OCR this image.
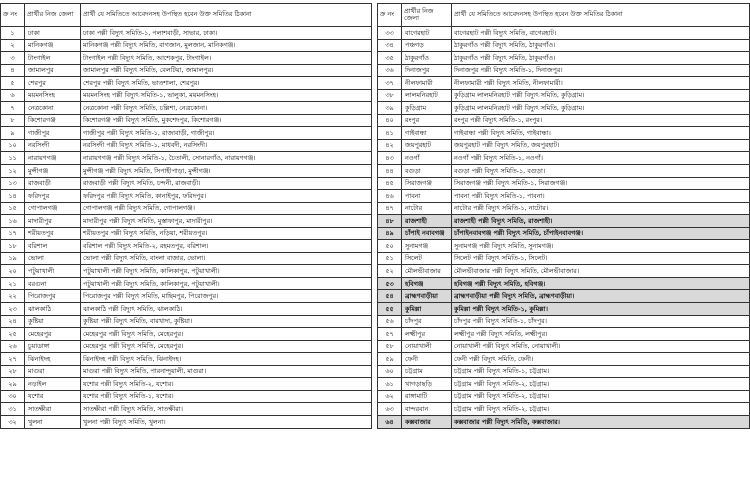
ক্র নং	প্রার্থীর নিজ জেলা	প্রার্থী যে সমিতিতে আবেদনসহ উপস্থিত হবেন উক্ত সমিতির ঠিকানা
১	ঢাকা	ঢাকা পল্লী বিদ্যুৎ সমিতি-১, পলাশবাড়ী, সাভার, ঢাকা।
২	মানিকগঞ্জ	মানিকগঞ্জ পল্লী বিদ্যুৎ সমিতি, বাগজান, মুলজান, মানিকগঞ্জ।
৩	টাংগাইল	টাংগাইল পল্লী বিদ্যুৎ সমিতি, আশেকপুর, টাংগাইল।
৪	জামালপুর	জামালপুর পল্লী বিদ্যুৎ সমিতি, বেলটিয়া, জামালপুর।
৫	শেরপুর	শেরপুর পল্লী বিদ্যুৎ সমিতি, ভাতশালা, শেরপুর।
৬	ময়মনসিংহ	ময়মনসিংহ পল্লী বিদ্যুৎ সমিতি-১, ভালুকা, ময়মনসিংহ।
৭	নেত্রকোনা	নেত্রকোনা পল্লী বিদ্যুৎ সমিতি, চল্লিশা, নেত্রকোনা।
৮	কিশোরগঞ্জ	কিশোরগঞ্জ পল্লী বিদ্যুৎ সমিতি, মুকশেদপুর, কিশোরগঞ্জ।
৯	গাজীপুর	গাজীপুর পল্লী বিদ্যুৎ সমিতি-১, রাজাবাড়ী, গাজীপুর।
১০	নরসিংদী	নরসিংদী পল্লী বিদ্যুৎ সমিতি-১, মাধবদী, নরসিংদী।
১১	নারায়ণগঞ্জ	নারায়ণগঞ্জ পল্লী বিদ্যুৎ সমিতি-১, চৈতালী, সোনারগাঁও, নারায়ণগঞ্জ।
১২	মুন্সীগঞ্জ	মুন্সীগঞ্জ পল্লী বিদ্যুৎ সমিতি, সিপাহীপাড়া, মুন্সীগঞ্জ।
১৩	রাজবাড়ী	রাজবাড়ী পল্লী বিদ্যুৎ সমিতি, চন্দনী, রাজবাড়ী।
১৪	ফরিদপুর	ফরিদপুর পল্লী বিদ্যুৎ সমিতি, কানাইপুর, ফরিদপুর।
১৫	গোপালগঞ্জ	গোপালগঞ্জ পল্লী বিদ্যুৎ সমিতি, গোপালগঞ্জ।
১৬	মাদারীপুর	মাদারীপুর পল্লী বিদ্যুৎ সমিতি, মুস্তাফাপুর, মাদারীপুর।
১৭	শরীয়তপুর	শরীয়তপুর পল্লী বিদ্যুৎ সমিতি, নড়িয়া, শরীয়তপুর।
১৮	বরিশাল	বরিশাল পল্লী বিদ্যুৎ সমিতি-২, রহমতপুর, বরিশাল।
১৯	ভোলা	ভোলা পল্লী বিদ্যুৎ সমিতি, বাংলা বাজার, ভোলা।
২০	পটুয়াখালী	পটুয়াখালী পল্লী বিদ্যুৎ সমিতি, কালিকাপুর, পটুয়াখালী।
২১	বরগুনা	পটুয়াখালী পল্লী বিদ্যুৎ সমিতি, কালিকাপুর, পটুয়াখালী।
২২	পিরোজপুর	পিরোজপুর পল্লী বিদ্যুৎ সমিতি, মাছিমপুর, পিরোজপুর।
২৩	ঝালকাঠি	ঝালকাঠি পল্লী বিদ্যুৎ সমিতি, ঝালকাঠি।
২৪	কুষ্টিয়া	কুষ্টিয়া পল্লী বিদ্যুৎ সমিতি, বারখাদা, কুষ্টিয়া।
২৫	মেহেরপুর	মেহেরপুর পল্লী বিদ্যুৎ সমিতি, মেহেরপুর।
২৬	চুয়াডাঙ্গা	মেহেরপুর পল্লী বিদ্যুৎ সমিতি, মেহেরপুর।
২৭	ঝিনাইদহ	ঝিনাইদহ পল্লী বিদ্যুৎ সমিতি, ঝিনাইদহ।
২৮	মাগুরা	মাগুরা পল্লী বিদ্যুৎ সমিতি, পারনান্দুয়ালী, মাগুরা।
২৯	নড়াইল	যশোর পল্লী বিদ্যুৎ সমিতি-২, যশোর।
৩০	যশোর	যশোর পল্লী বিদ্যুৎ সমিতি-১, যশোর।
৩১	সাতক্ষীরা	সাতক্ষীরা পল্লী বিদ্যুৎ সমিতি, সাতক্ষীরা।
৩২	খুলনা	খুলনা পল্লী বিদ্যুৎ সমিতি, খুলনা।
ক্র নং	প্রার্থীর নিজ জেলা	প্রার্থী যে সমিতিতে আবেদনসহ উপস্থিত হবেন উক্ত সমিতির ঠিকানা
৩৩	বাগেরহাট	বাগেরহাট পল্লী বিদ্যুৎ সমিতি, বাগেরহাট।
৩৪	পঞ্চগড়	ঠাকুরগাঁও পল্লী বিদ্যুৎ সমিতি, ঠাকুরগাঁও।
৩৫	ঠাকুরগাঁও	ঠাকুরগাঁও পল্লী বিদ্যুৎ সমিতি, ঠাকুরগাঁও।
৩৬	দিনাজপুর	দিনাজপুর পল্লী বিদ্যুৎ সমিতি-১, দিনাজপুর।
৩৭	নীলফামারী	নীলফামারী পল্লী বিদ্যুৎ সমিতি, নীলফামারী।
৩৮	লালমনিরহাট	কুড়িগ্রাম লালমনিরহাট পল্লী বিদ্যুৎ সমিতি, কুড়িগ্রাম।
৩৯	কুড়িগ্রাম	কুড়িগ্রাম লালমনিরহাট পল্লী বিদ্যুৎ সমিতি, কুড়িগ্রাম।
৪০	রংপুর	রংপুর পল্লী বিদ্যুৎ সমিতি-১, রংপুর।
৪১	গাইবান্ধা	গাইবান্ধা পল্লী বিদ্যুৎ সমিতি, গাইবান্ধা।
৪২	জয়পুরহাট	জয়পুরহাট পল্লী বিদ্যুৎ সমিতি, জয়পুরহাট।
৪৩	নওগাঁ	নওগাঁ পল্লী বিদ্যুৎ সমিতি-১, নওগাঁ।
৪৪	বগুড়া	বগুড়া পল্লী বিদ্যুৎ সমিতি-১, বগুড়া।
৪৫	সিরাজগঞ্জ	সিরাজগঞ্জ পল্লী বিদ্যুৎ সমিতি-১, সিরাজগঞ্জ।
৪৬	পাবনা	পাবনা পল্লী বিদ্যুৎ সমিতি-১, পাবনা।
৪৭	নাটোর	নাটোর পল্লী বিদ্যুৎ সমিতি-১, নাটোর।
৪৮	রাজশাহী	রাজশাহী পল্লী বিদ্যুৎ সমিতি, রাজশাহী।
৪৯	চাঁপাই নবাবগঞ্জ	চাঁপাইনবাবগঞ্জ পল্লী বিদ্যুৎ সমিতি, চাঁপাইনবাবগঞ্জ।
৫০	সুনামগঞ্জ	সুনামগঞ্জ পল্লী বিদ্যুৎ সমিতি, সুনামগঞ্জ।
৫১	সিলেট	সিলেট পল্লী বিদ্যুৎ সমিতি-১, সিলেট।
৫২	মৌলভীবাজার	মৌলভীবাজার পল্লী বিদ্যুৎ সমিতি, মৌলভীবাজার।
৫৩	হবিগঞ্জ	হবিগঞ্জ পল্লী বিদ্যুৎ সমিতি, হবিগঞ্জ।
৫৪	ব্রাহ্মণবাড়ীয়া	ব্রাহ্মণবাড়ীয়া পল্লী বিদ্যুৎ সমিতি, ব্রাহ্মণবাড়ীয়া।
৫৫	কুমিল্লা	কুমিল্লা পল্লী বিদ্যুৎ সমিতি-১, কুমিল্লা।
৫৬	চাঁদপুর	চাঁদপুর পল্লী বিদ্যুৎ সমিতি-১, চাঁদপুর।
৫৭	লক্ষ্মীপুর	লক্ষ্মীপুর পল্লী বিদ্যুৎ সমিতি, লক্ষ্মীপুর।
৫৮	নোয়াখালী	নোয়াখালী পল্লী বিদ্যুৎ সমিতি, নোয়াখালী।
৫৯	ফেনী	ফেনী পল্লী বিদ্যুৎ সমিতি, ফেনী।
৬০	চট্টগ্রাম	চট্টগ্রাম পল্লী বিদ্যুৎ সমিতি-১, চট্টগ্রাম।
৬১	খাগড়াছড়ি	চট্টগ্রাম পল্লী বিদ্যুৎ সমিতি-২, চট্টগ্রাম।
৬২	রাঙ্গামাটি	চট্টগ্রাম পল্লী বিদ্যুৎ সমিতি-২, চট্টগ্রাম।
৬৩	বান্দরবান	চট্টগ্রাম পল্লী বিদ্যুৎ সমিতি-২, চট্টগ্রাম।
৬৪	কক্সবাজার	কক্সবাজার পল্লী বিদ্যুৎ সমিতি, কক্সবাজার।
